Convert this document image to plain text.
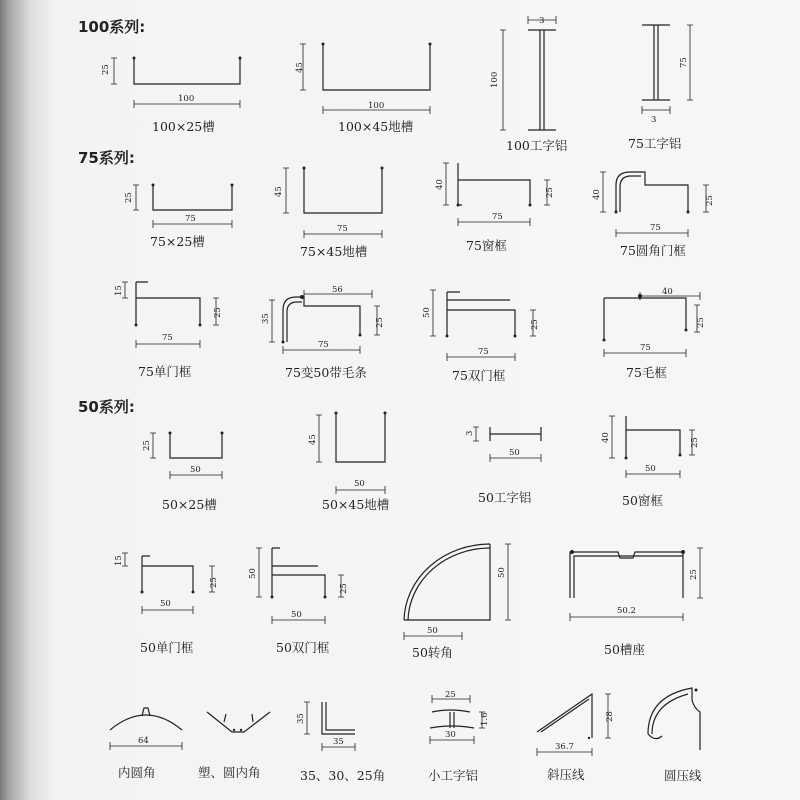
100系列:
75系列:
50系列:
25
100
100×25槽
45
100
100×45地槽
3
100
100工字铝
3
75
75工字铝
25
75
75×25槽
45
75
75×45地槽
40
25
75
75窗框
40
25
75
75圆角门框
15
25
75
75单门框
56
35	25
75
75变50带毛条
50
25
75
75双门框
40
25
75
75毛框
25
50
50×25槽
45
50
50×45地槽
3
50
50工字铝
40	25
50
50窗框
15
25
50
50单门框
50
25
50
50双门框
50
50
50转角
25
50.2
50槽座
64
内圆角	塑、圆内角
35
35
35、30、25角
25
1.6
30
小工字铝
28
36.7
斜压线	圆压线
